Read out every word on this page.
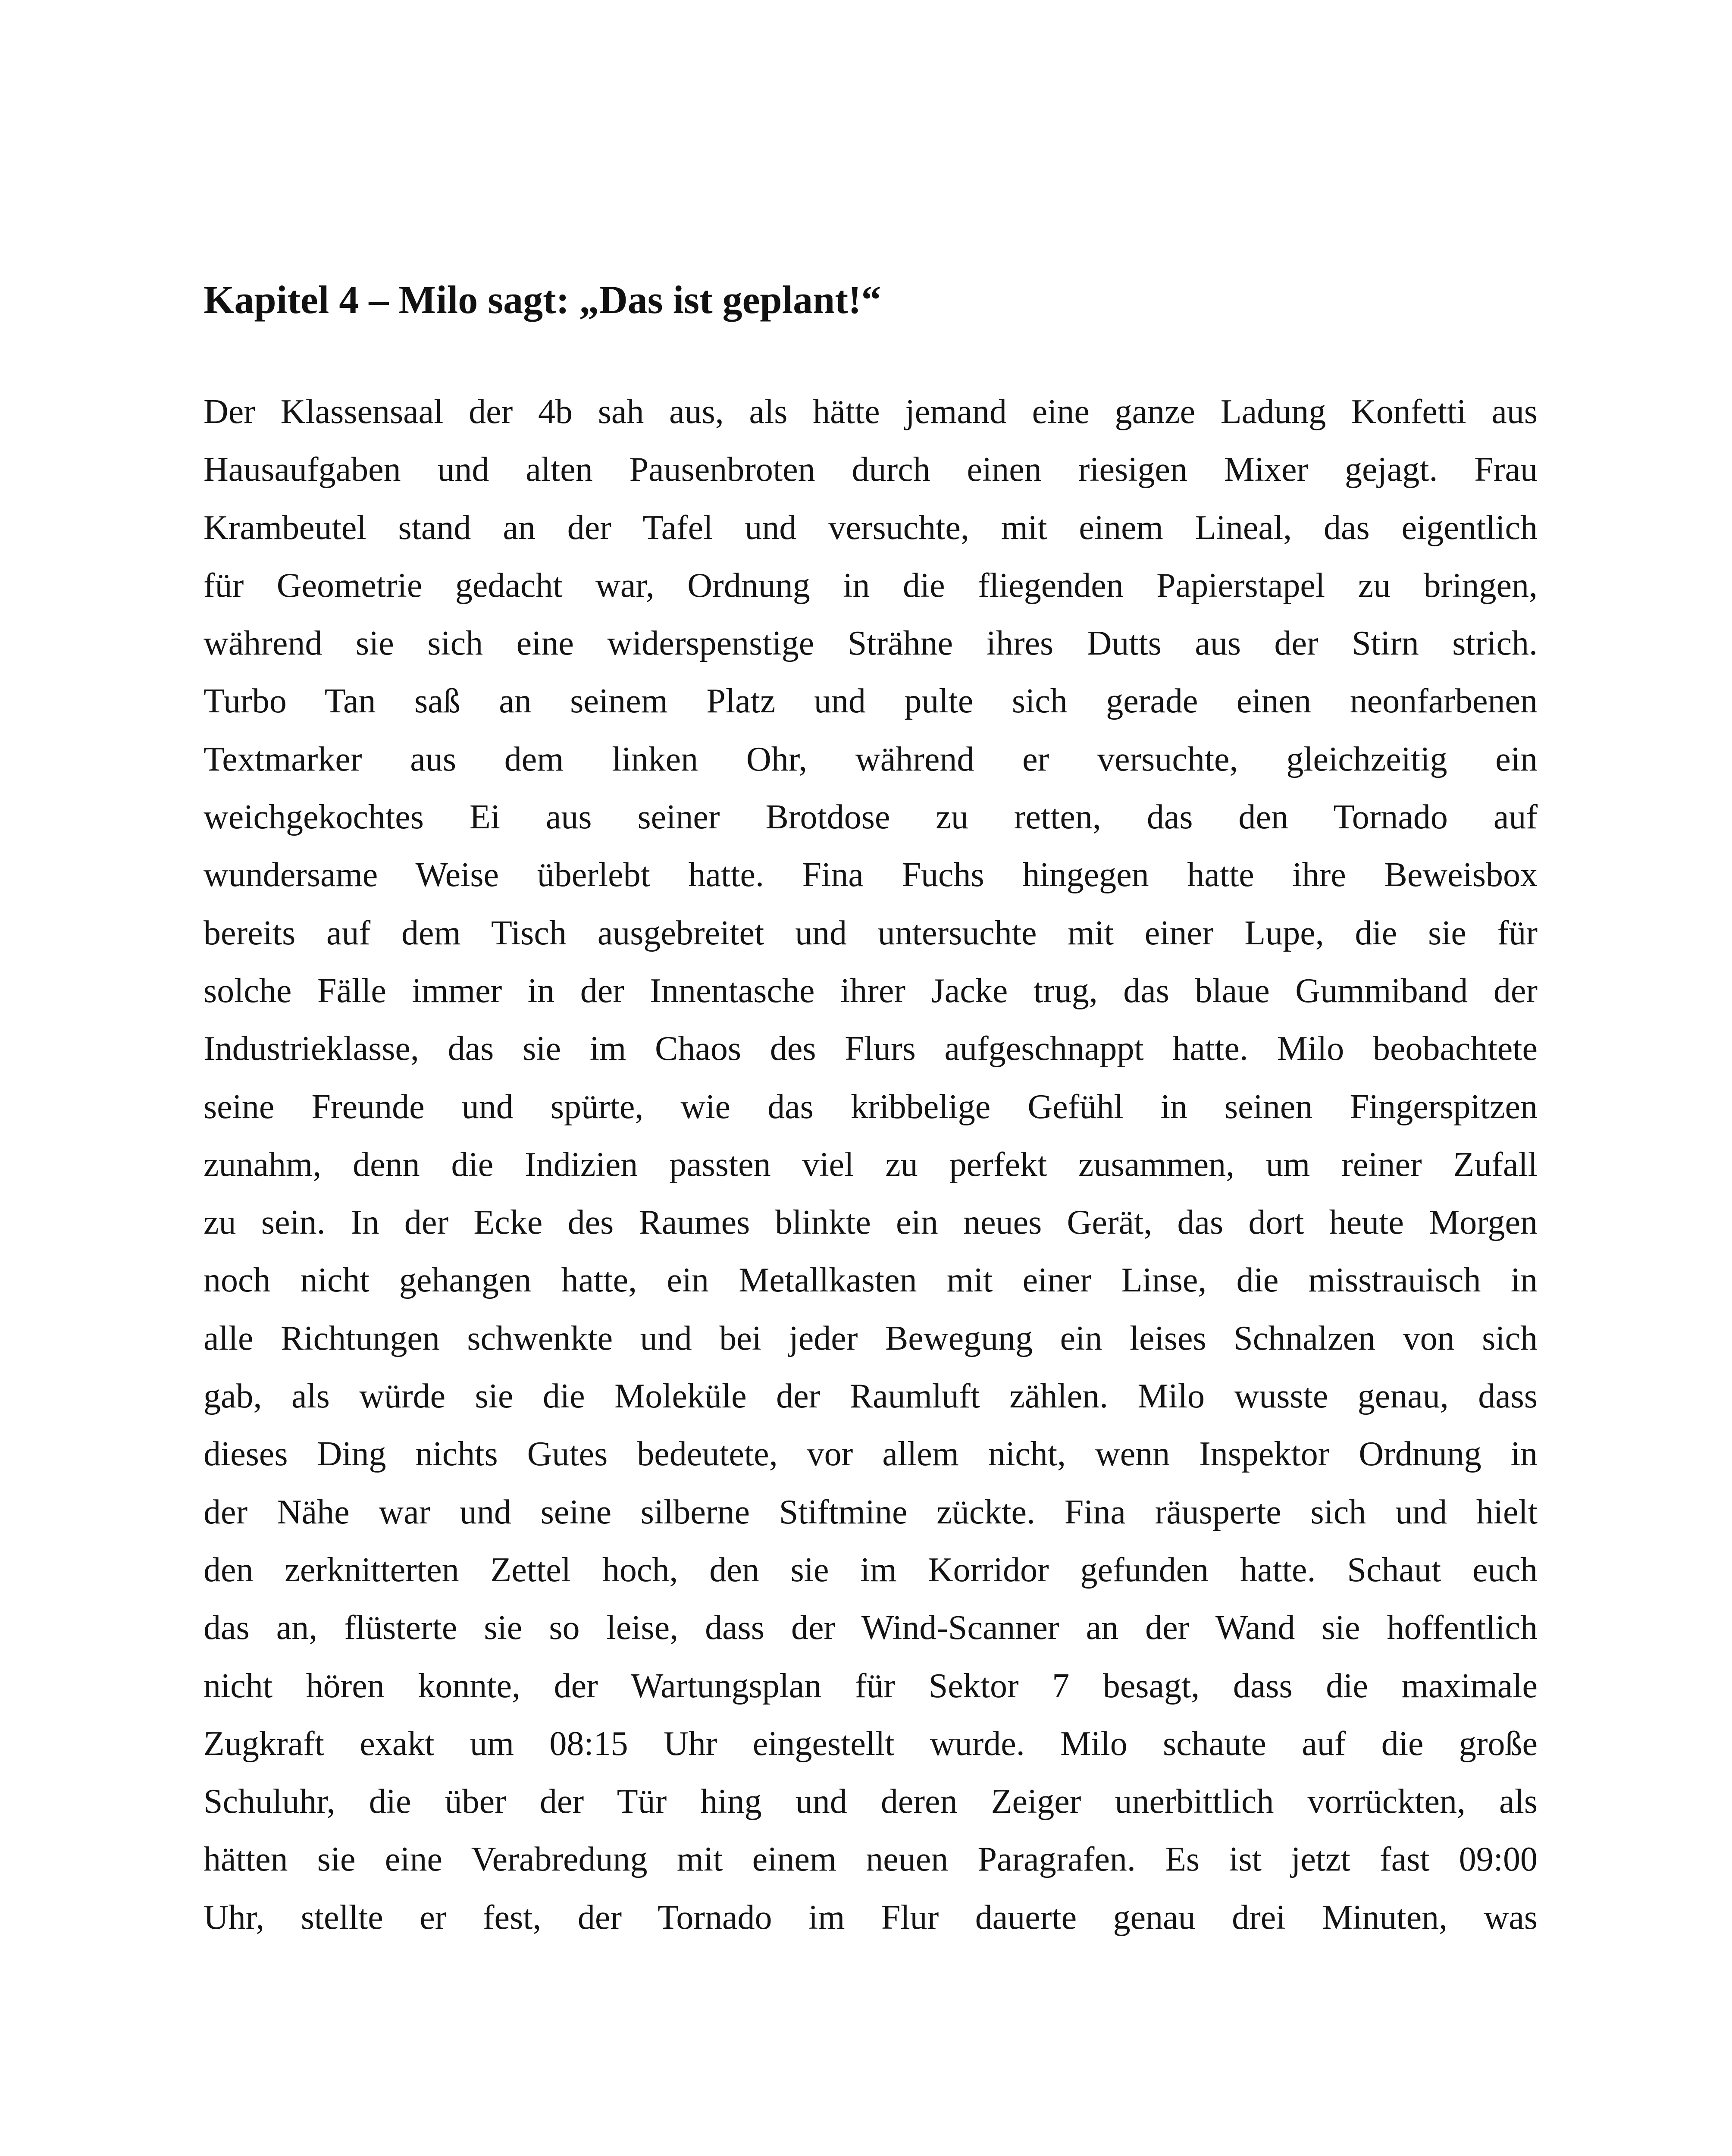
Kapitel 4 – Milo sagt: „Das ist geplant!“
Der Klassensaal der 4b sah aus, als hätte jemand eine ganze Ladung Konfetti aus
Hausaufgaben und alten Pausenbroten durch einen riesigen Mixer gejagt. Frau
Krambeutel stand an der Tafel und versuchte, mit einem Lineal, das eigentlich
für Geometrie gedacht war, Ordnung in die fliegenden Papierstapel zu bringen,
während sie sich eine widerspenstige Strähne ihres Dutts aus der Stirn strich.
Turbo Tan saß an seinem Platz und pulte sich gerade einen neonfarbenen
Textmarker aus dem linken Ohr, während er versuchte, gleichzeitig ein
weichgekochtes Ei aus seiner Brotdose zu retten, das den Tornado auf
wundersame Weise überlebt hatte. Fina Fuchs hingegen hatte ihre Beweisbox
bereits auf dem Tisch ausgebreitet und untersuchte mit einer Lupe, die sie für
solche Fälle immer in der Innentasche ihrer Jacke trug, das blaue Gummiband der
Industrieklasse, das sie im Chaos des Flurs aufgeschnappt hatte. Milo beobachtete
seine Freunde und spürte, wie das kribbelige Gefühl in seinen Fingerspitzen
zunahm, denn die Indizien passten viel zu perfekt zusammen, um reiner Zufall
zu sein. In der Ecke des Raumes blinkte ein neues Gerät, das dort heute Morgen
noch nicht gehangen hatte, ein Metallkasten mit einer Linse, die misstrauisch in
alle Richtungen schwenkte und bei jeder Bewegung ein leises Schnalzen von sich
gab, als würde sie die Moleküle der Raumluft zählen. Milo wusste genau, dass
dieses Ding nichts Gutes bedeutete, vor allem nicht, wenn Inspektor Ordnung in
der Nähe war und seine silberne Stiftmine zückte. Fina räusperte sich und hielt
den zerknitterten Zettel hoch, den sie im Korridor gefunden hatte. Schaut euch
das an, flüsterte sie so leise, dass der Wind-Scanner an der Wand sie hoffentlich
nicht hören konnte, der Wartungsplan für Sektor 7 besagt, dass die maximale
Zugkraft exakt um 08:15 Uhr eingestellt wurde. Milo schaute auf die große
Schuluhr, die über der Tür hing und deren Zeiger unerbittlich vorrückten, als
hätten sie eine Verabredung mit einem neuen Paragrafen. Es ist jetzt fast 09:00
Uhr, stellte er fest, der Tornado im Flur dauerte genau drei Minuten, was
